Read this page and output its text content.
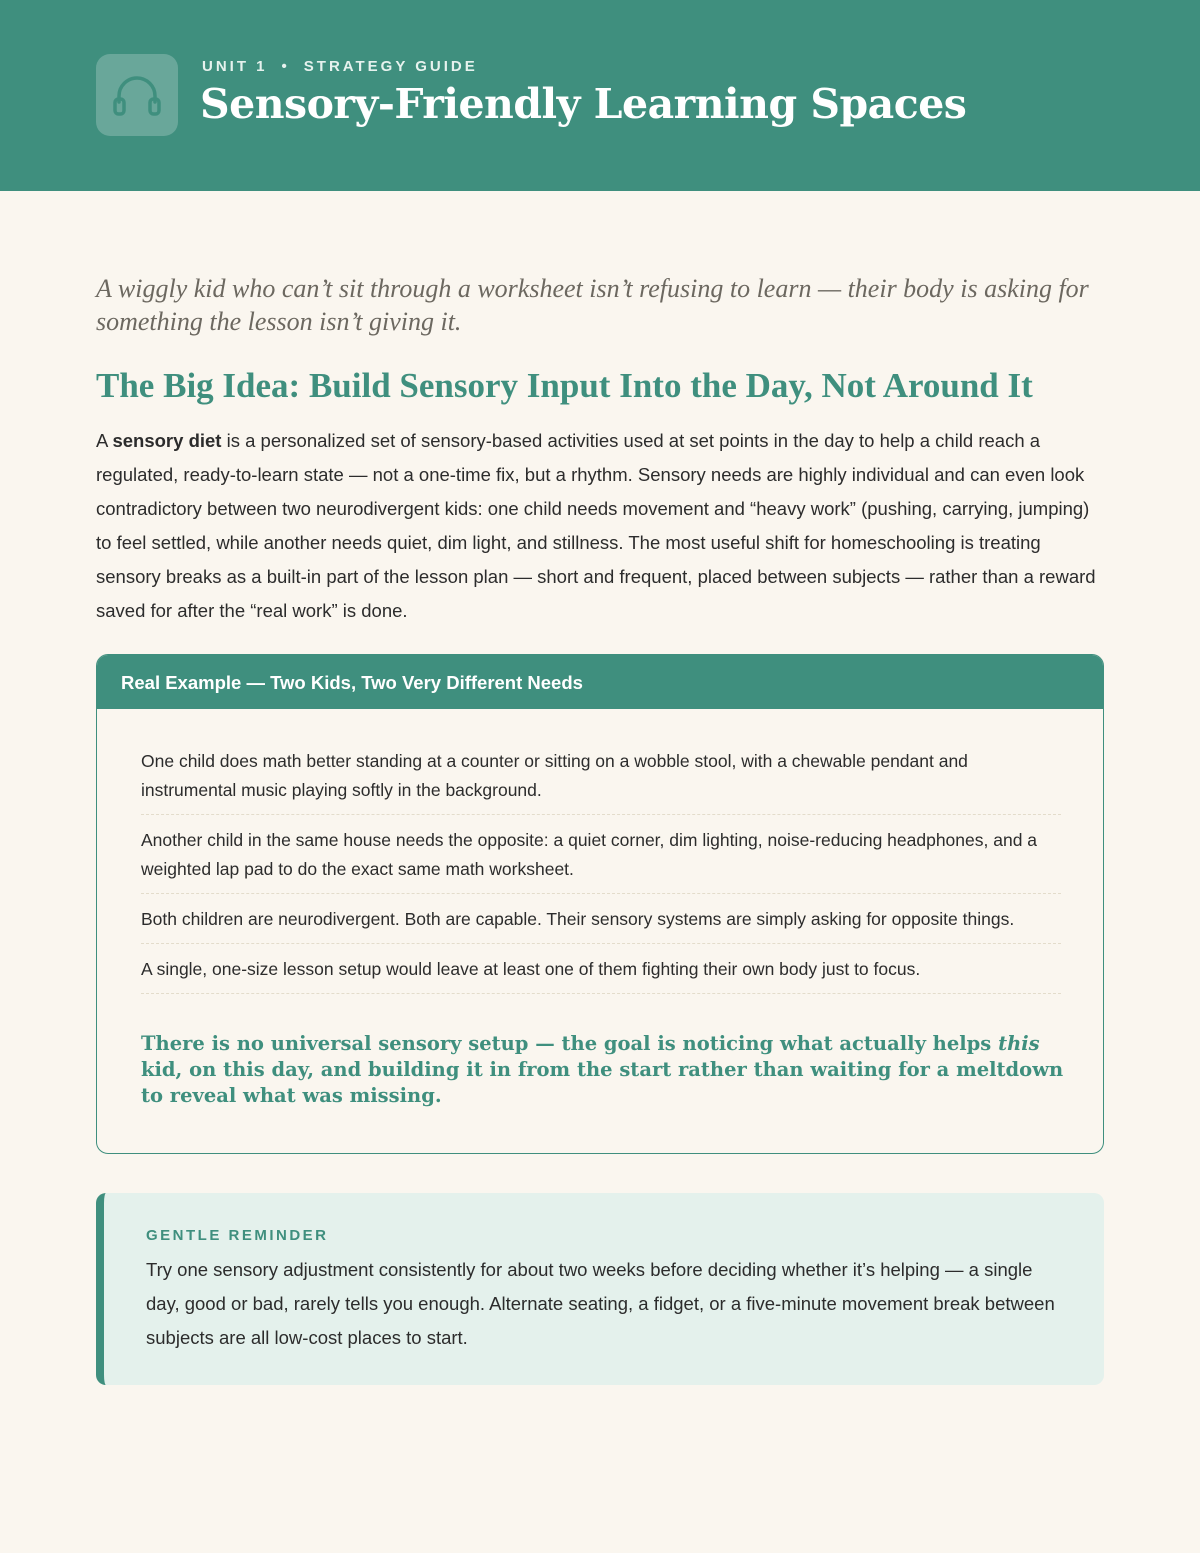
UNIT 1 • STRATEGY GUIDE
Sensory-Friendly Learning Spaces
A wiggly kid who can’t sit through a worksheet isn’t refusing to learn — their body is asking for something the lesson isn’t giving it.
The Big Idea: Build Sensory Input Into the Day, Not Around It
A sensory diet is a personalized set of sensory-based activities used at set points in the day to help a child reach a regulated, ready-to-learn state — not a one-time fix, but a rhythm. Sensory needs are highly individual and can even look contradictory between two neurodivergent kids: one child needs movement and “heavy work” (pushing, carrying, jumping) to feel settled, while another needs quiet, dim light, and stillness. The most useful shift for homeschooling is treating sensory breaks as a built-in part of the lesson plan — short and frequent, placed between subjects — rather than a reward saved for after the “real work” is done.
Real Example — Two Kids, Two Very Different Needs
One child does math better standing at a counter or sitting on a wobble stool, with a chewable pendant and instrumental music playing softly in the background.
Another child in the same house needs the opposite: a quiet corner, dim lighting, noise-reducing headphones, and a weighted lap pad to do the exact same math worksheet.
Both children are neurodivergent. Both are capable. Their sensory systems are simply asking for opposite things.
A single, one-size lesson setup would leave at least one of them fighting their own body just to focus.
There is no universal sensory setup — the goal is noticing what actually helps this kid, on this day, and building it in from the start rather than waiting for a meltdown to reveal what was missing.
GENTLE REMINDER
Try one sensory adjustment consistently for about two weeks before deciding whether it’s helping — a single day, good or bad, rarely tells you enough. Alternate seating, a fidget, or a five-minute movement break between subjects are all low-cost places to start.
